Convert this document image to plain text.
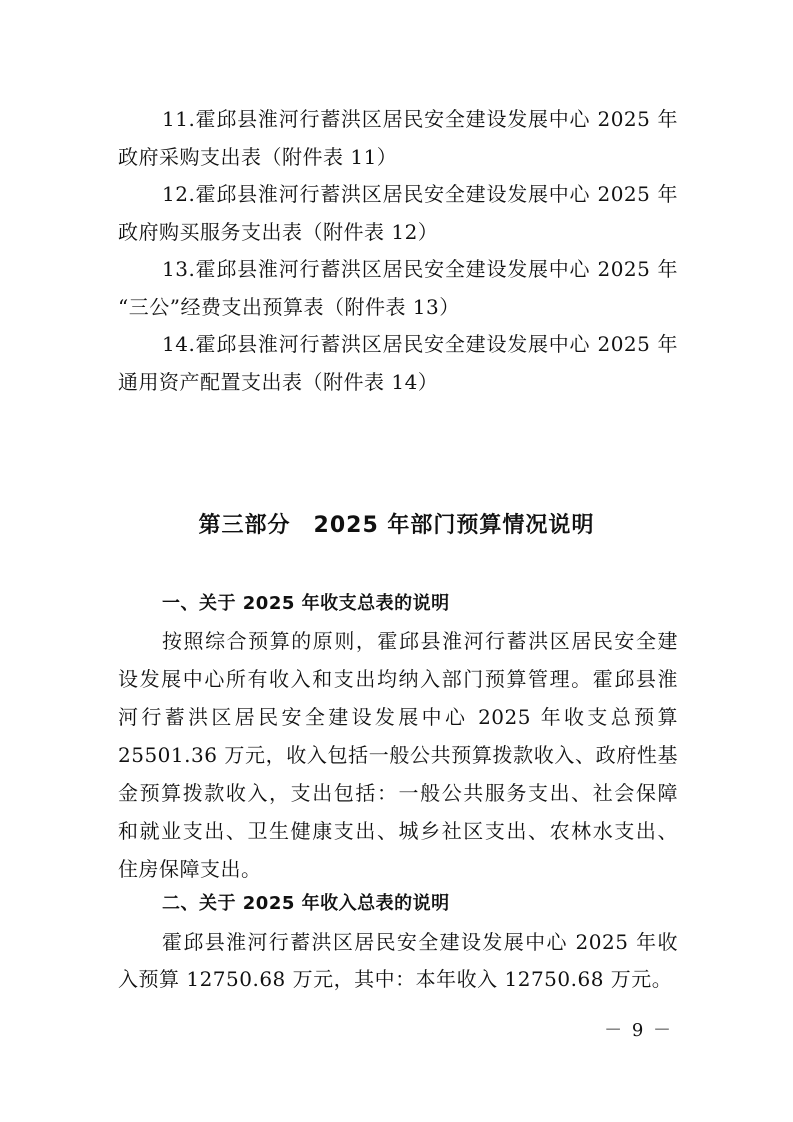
11.霍邱县淮河行蓄洪区居民安全建设发展中心 2025 年

政府采购支出表（附件表 11）

12.霍邱县淮河行蓄洪区居民安全建设发展中心 2025 年

政府购买服务支出表（附件表 12）

13.霍邱县淮河行蓄洪区居民安全建设发展中心 2025 年

“三公”经费支出预算表（附件表 13）

14.霍邱县淮河行蓄洪区居民安全建设发展中心 2025 年

通用资产配置支出表（附件表 14）

第三部分　2025 年部门预算情况说明
一、关于 2025 年收支总表的说明

按照综合预算的原则，霍邱县淮河行蓄洪区居民安全建

设发展中心所有收入和支出均纳入部门预算管理。霍邱县淮

河行蓄洪区居民安全建设发展中心 2025 年收支总预算

25501.36 万元，收入包括一般公共预算拨款收入、政府性基

金预算拨款收入，支出包括：一般公共服务支出、社会保障

和就业支出、卫生健康支出、城乡社区支出、农林水支出、

住房保障支出。

二、关于 2025 年收入总表的说明

霍邱县淮河行蓄洪区居民安全建设发展中心 2025 年收

入预算 12750.68 万元，其中：本年收入 12750.68 万元。

－ 9 －
